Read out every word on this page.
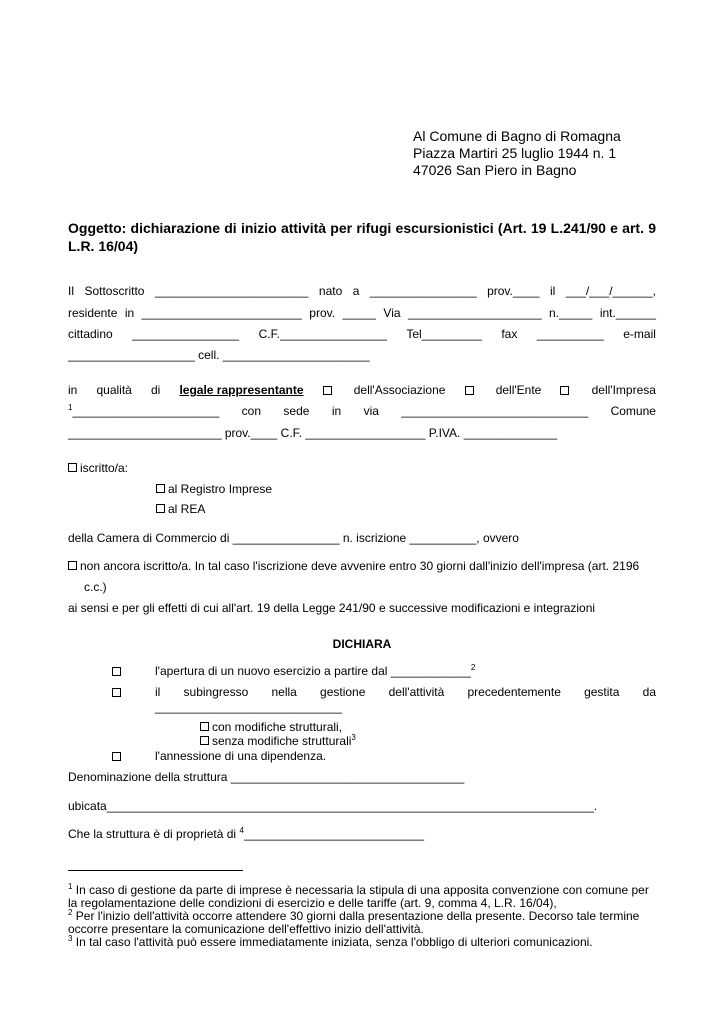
Al Comune di Bagno di Romagna
Piazza Martiri 25 luglio 1944 n. 1
47026 San Piero in Bagno
Oggetto: dichiarazione di inizio attività per rifugi escursionistici (Art. 19 L.241/90 e art. 9 L.R. 16/04)
Il Sottoscritto _______________________ nato a ________________ prov.____ il ___/___/______,
residente in ________________________ prov. _____ Via ____________________ n._____ int.______
cittadino ________________ C.F.________________ Tel_________ fax __________ e-mail
___________________ cell. ______________________
in qualità di legale rappresentante	dell'Associazione	dell'Ente	dell'Impresa
$^1$______________________ con sede in via ____________________________ Comune
_______________________ prov.____ C.F. __________________ P.IVA. ______________
iscritto/a:
al Registro Imprese
al REA
della Camera di Commercio di ________________ n. iscrizione __________, ovvero
non ancora iscritto/a. In tal caso l'iscrizione deve avvenire entro 30 giorni dall'inizio dell'impresa (art. 2196
c.c.)
ai sensi e per gli effetti di cui all'art. 19 della Legge 241/90 e successive modificazioni e integrazioni
DICHIARA
l'apertura di un nuovo esercizio a partire dal ____________$^2$
il subingresso nella gestione dell'attività precedentemente gestita da
____________________________
con modifiche strutturali,
senza modifiche strutturali$^3$
l'annessione di una dipendenza.
Denominazione della struttura ___________________________________
ubicata_________________________________________________________________________.
Che la struttura è di proprietà di $^4$___________________________
$^1$ In caso di gestione da parte di imprese è necessaria la stipula di una apposita convenzione con comune per la regolamentazione delle condizioni di esercizio e delle tariffe (art. 9, comma 4, L.R. 16/04),
$^2$ Per l'inizio dell'attività occorre attendere 30 giorni dalla presentazione della presente. Decorso tale termine occorre presentare la comunicazione dell'effettivo inizio dell'attività.
$^3$ In tal caso l'attività può essere immediatamente iniziata, senza l'obbligo di ulteriori comunicazioni.
